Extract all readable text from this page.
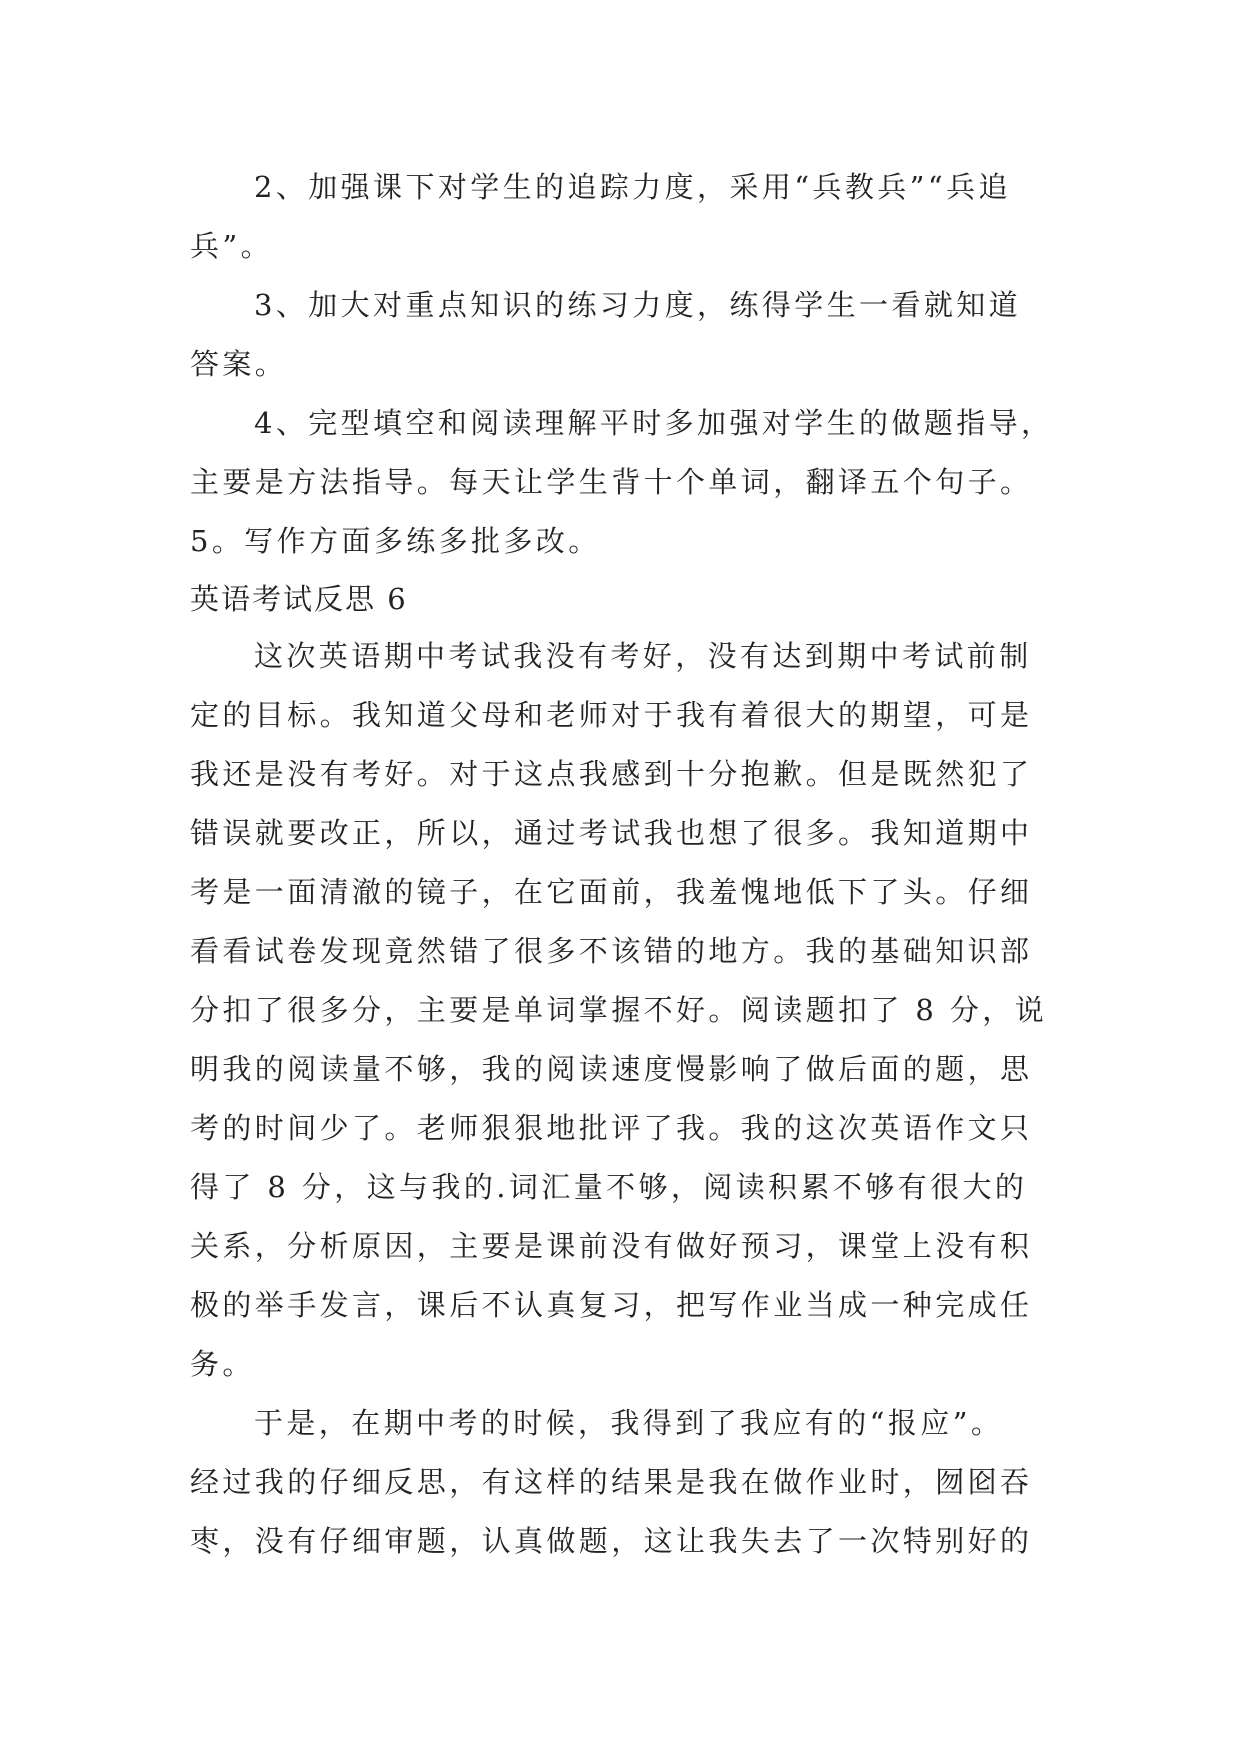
2、加强课下对学生的追踪力度，采用“兵教兵”“兵追
兵”。
3、加大对重点知识的练习力度，练得学生一看就知道
答案。
4、完型填空和阅读理解平时多加强对学生的做题指导，
主要是方法指导。每天让学生背十个单词，翻译五个句子。
5。写作方面多练多批多改。
英语考试反思 6
这次英语期中考试我没有考好，没有达到期中考试前制
定的目标。我知道父母和老师对于我有着很大的期望，可是
我还是没有考好。对于这点我感到十分抱歉。但是既然犯了
错误就要改正，所以，通过考试我也想了很多。我知道期中
考是一面清澈的镜子，在它面前，我羞愧地低下了头。仔细
看看试卷发现竟然错了很多不该错的地方。我的基础知识部
分扣了很多分，主要是单词掌握不好。阅读题扣了 8 分，说
明我的阅读量不够，我的阅读速度慢影响了做后面的题，思
考的时间少了。老师狠狠地批评了我。我的这次英语作文只
得了 8 分，这与我的.词汇量不够，阅读积累不够有很大的
关系，分析原因，主要是课前没有做好预习，课堂上没有积
极的举手发言，课后不认真复习，把写作业当成一种完成任
务。
于是，在期中考的时候，我得到了我应有的“报应”。
经过我的仔细反思，有这样的结果是我在做作业时，囫囵吞
枣，没有仔细审题，认真做题，这让我失去了一次特别好的
